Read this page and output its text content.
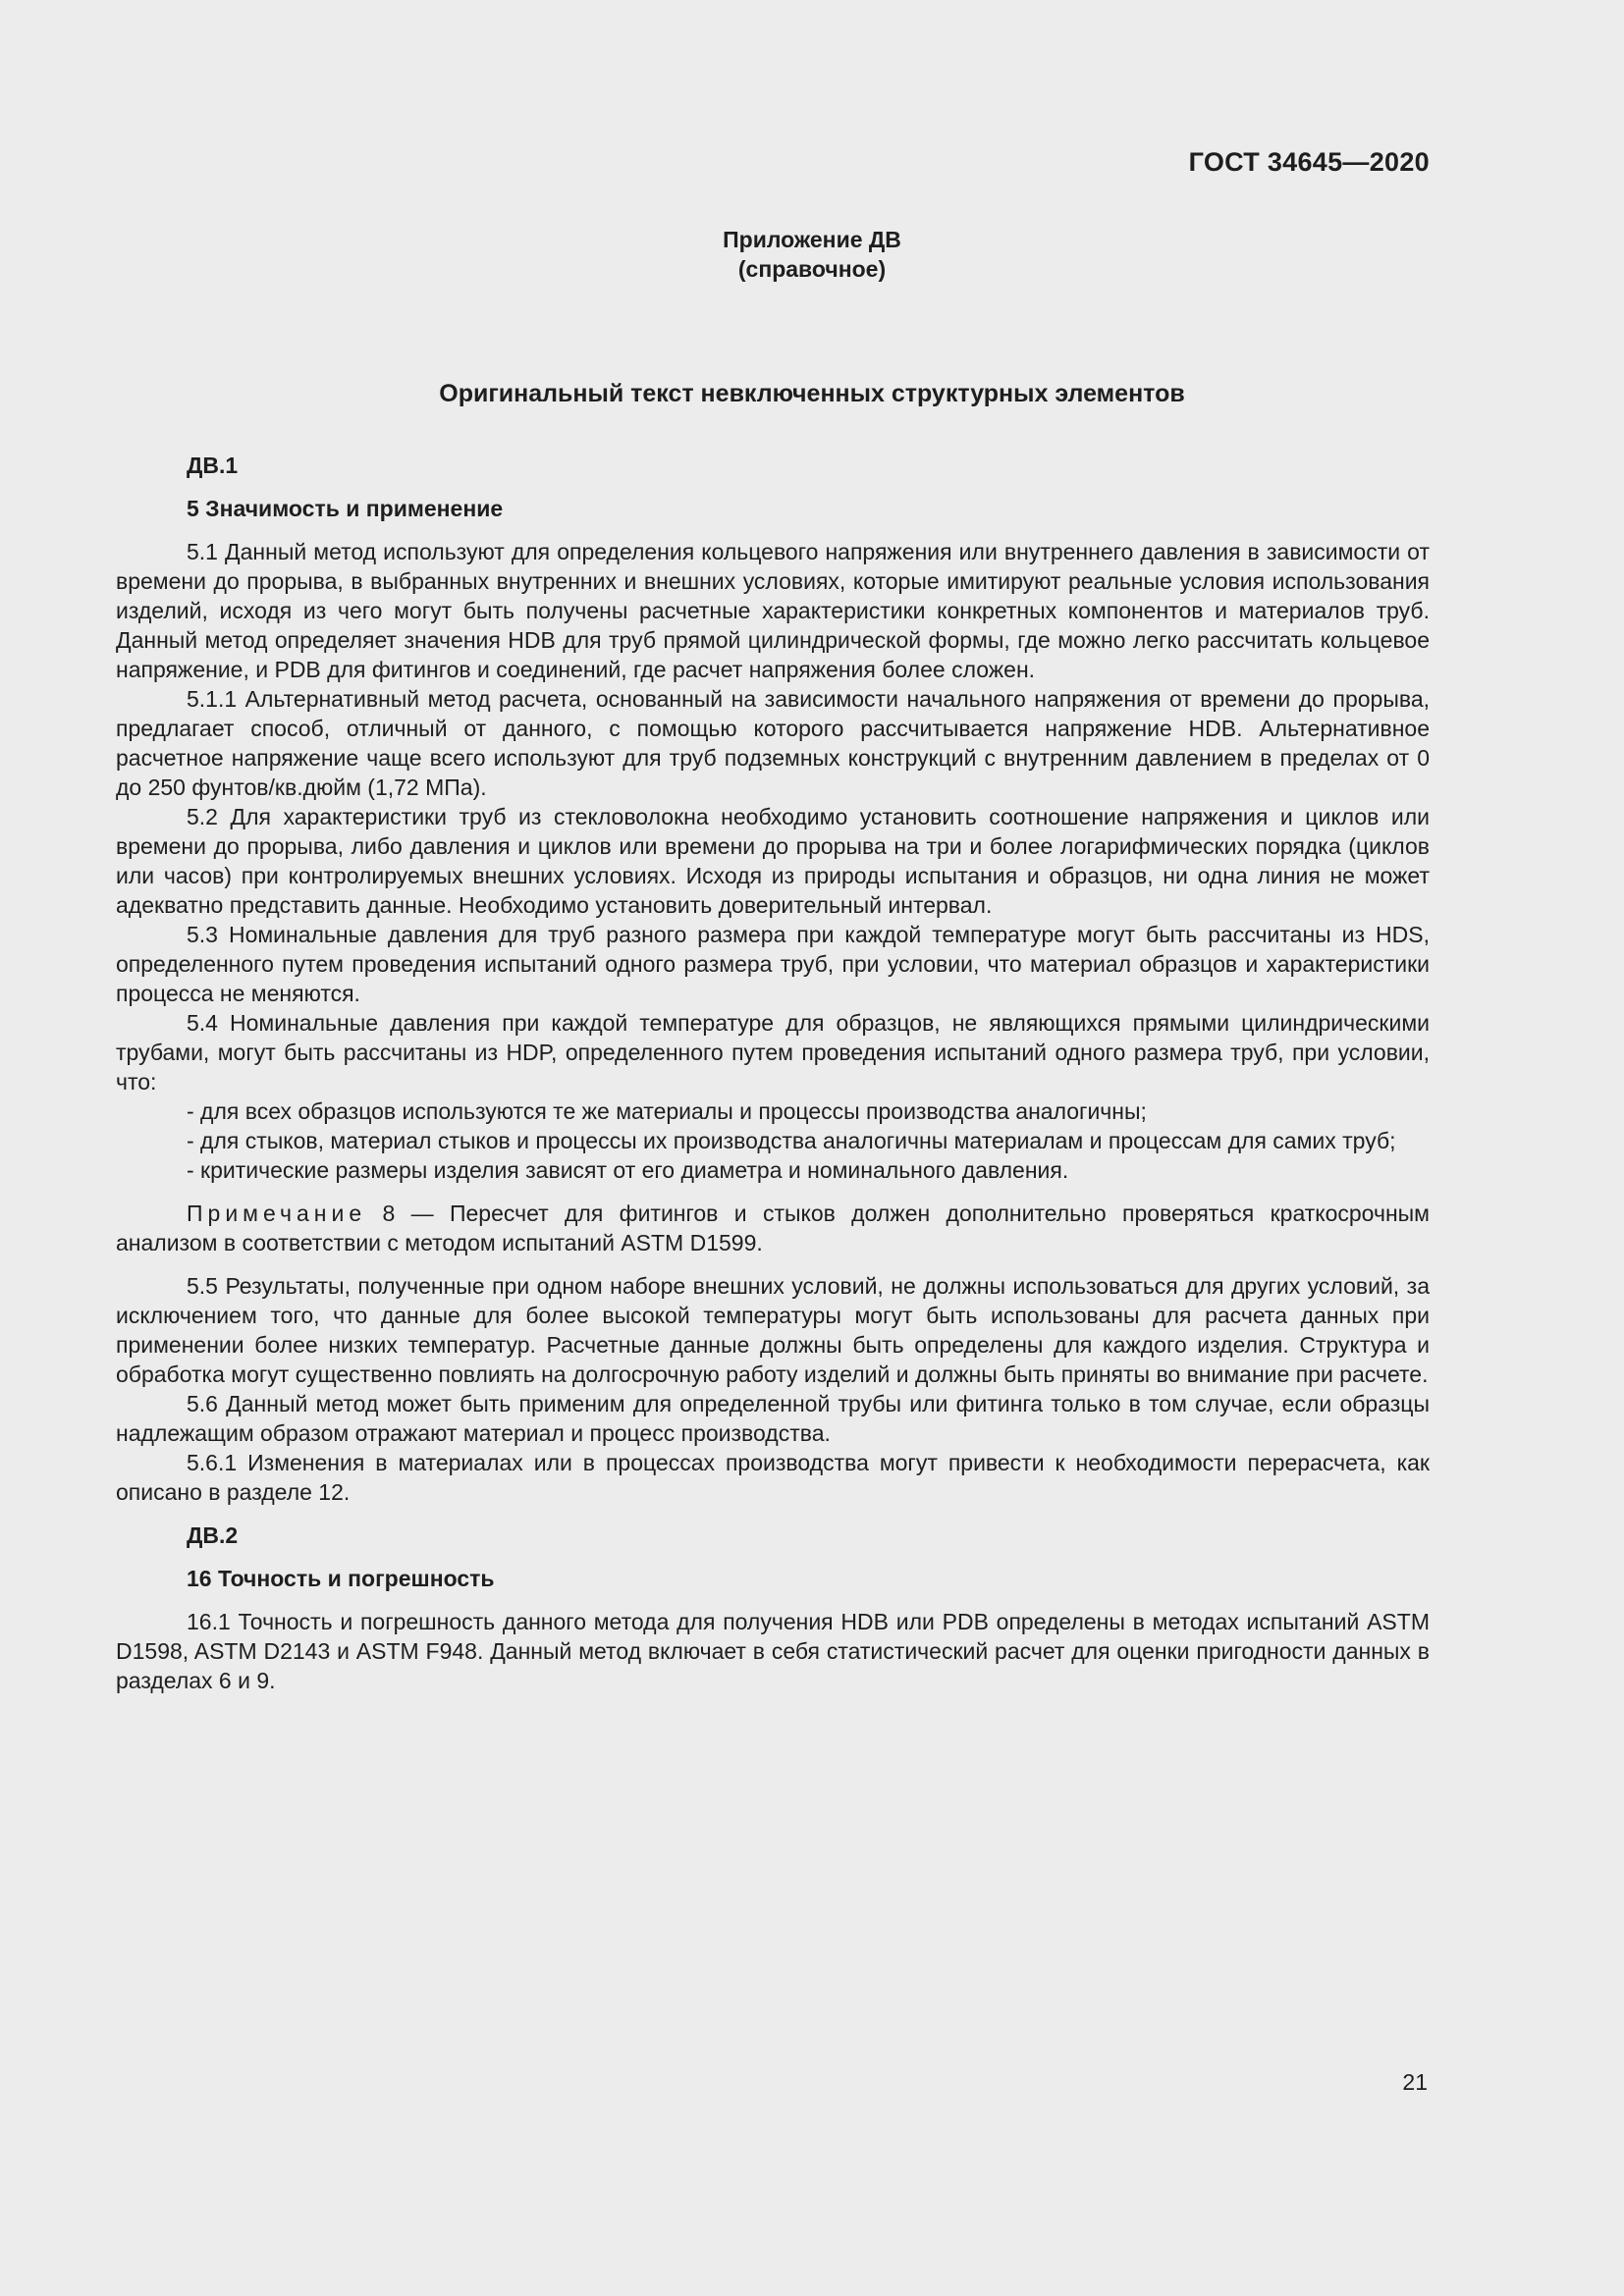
ГОСТ 34645—2020
Приложение ДВ
(справочное)
Оригинальный текст невключенных структурных элементов

ДВ.1

5 Значимость и применение

5.1 Данный метод используют для определения кольцевого напряжения или внутреннего давления в зависимости от времени до прорыва, в выбранных внутренних и внешних условиях, которые имитируют реальные условия использования изделий, исходя из чего могут быть получены расчетные характеристики конкретных компонентов и материалов труб. Данный метод определяет значения HDB для труб прямой цилиндрической формы, где можно легко рассчитать кольцевое напряжение, и PDB для фитингов и соединений, где расчет напряжения более сложен.

5.1.1 Альтернативный метод расчета, основанный на зависимости начального напряжения от времени до прорыва, предлагает способ, отличный от данного, с помощью которого рассчитывается напряжение HDB. Альтернативное расчетное напряжение чаще всего используют для труб подземных конструкций с внутренним давлением в пределах от 0 до 250 фунтов/кв.дюйм (1,72 МПа).

5.2 Для характеристики труб из стекловолокна необходимо установить соотношение напряжения и циклов или времени до прорыва, либо давления и циклов или времени до прорыва на три и более логарифмических порядка (циклов или часов) при контролируемых внешних условиях. Исходя из природы испытания и образцов, ни одна линия не может адекватно представить данные. Необходимо установить доверительный интервал.

5.3 Номинальные давления для труб разного размера при каждой температуре могут быть рассчитаны из HDS, определенного путем проведения испытаний одного размера труб, при условии, что материал образцов и характеристики процесса не меняются.

5.4 Номинальные давления при каждой температуре для образцов, не являющихся прямыми цилиндрическими трубами, могут быть рассчитаны из HDP, определенного путем проведения испытаний одного размера труб, при условии, что:

- для всех образцов используются те же материалы и процессы производства аналогичны;

- для стыков, материал стыков и процессы их производства аналогичны материалам и процессам для самих труб;

- критические размеры изделия зависят от его диаметра и номинального давления.

Примечание 8 — Пересчет для фитингов и стыков должен дополнительно проверяться краткосрочным анализом в соответствии с методом испытаний ASTM D1599.

5.5 Результаты, полученные при одном наборе внешних условий, не должны использоваться для других условий, за исключением того, что данные для более высокой температуры могут быть использованы для расчета данных при применении более низких температур. Расчетные данные должны быть определены для каждого изделия. Структура и обработка могут существенно повлиять на долгосрочную работу изделий и должны быть приняты во внимание при расчете.

5.6 Данный метод может быть применим для определенной трубы или фитинга только в том случае, если образцы надлежащим образом отражают материал и процесс производства.

5.6.1 Изменения в материалах или в процессах производства могут привести к необходимости перерасчета, как описано в разделе 12.

ДВ.2

16 Точность и погрешность

16.1 Точность и погрешность данного метода для получения HDB или PDB определены в методах испытаний ASTM D1598, ASTM D2143 и ASTM F948. Данный метод включает в себя статистический расчет для оценки пригодности данных в разделах 6 и 9.

21
